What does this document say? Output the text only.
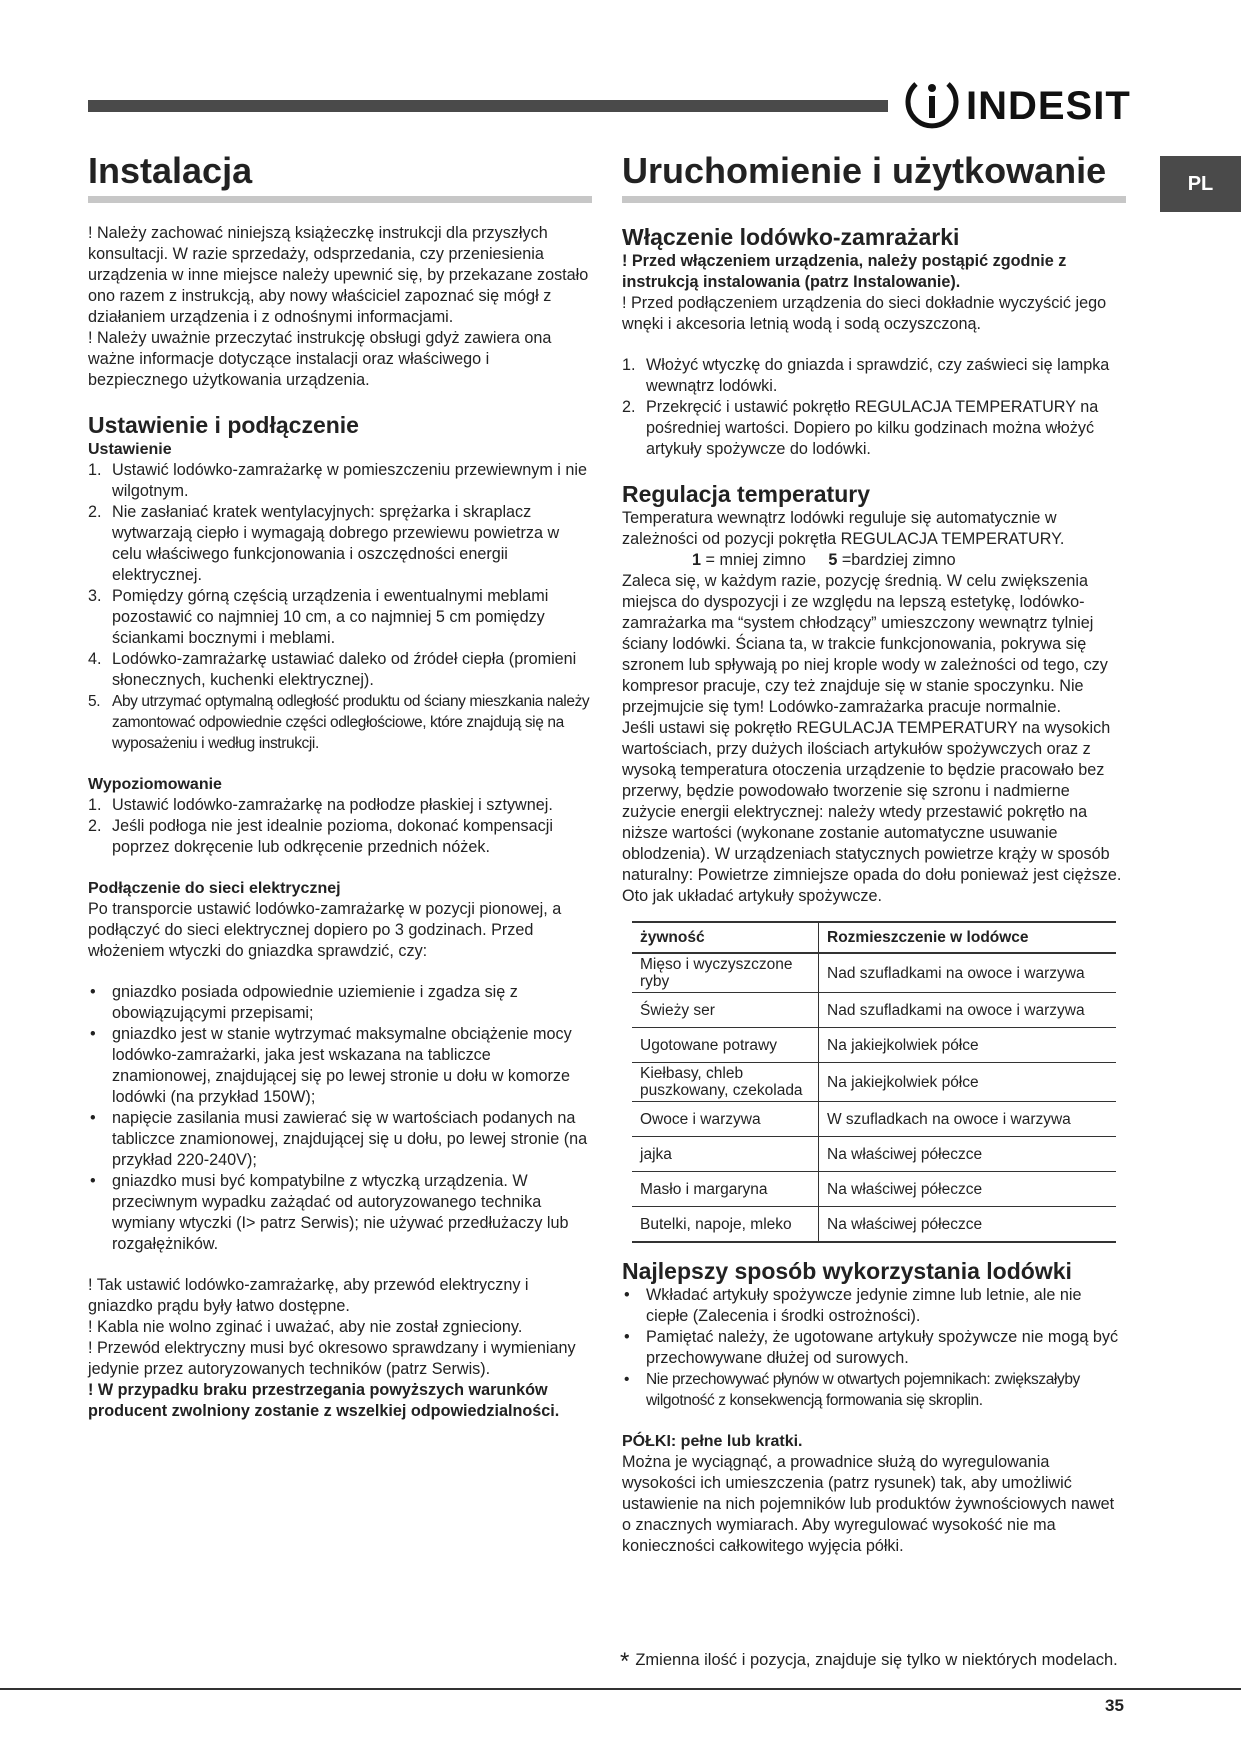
INDESIT
PL
Instalacja

! Należy zachować niniejszą książeczkę instrukcji dla przyszłych konsultacji. W razie sprzedaży, odsprzedania, czy przeniesienia urządzenia w inne miejsce należy upewnić się, by przekazane zostało ono razem z instrukcją, aby nowy właściciel zapoznać się mógł z działaniem urządzenia i z odnośnymi informacjami.

! Należy uważnie przeczytać instrukcję obsługi gdyż zawiera ona ważne informacje dotyczące instalacji oraz właściwego i bezpiecznego użytkowania urządzenia.

Ustawienie i podłączenie
Ustawienie
1. Ustawić lodówko-zamrażarkę w pomieszczeniu przewiewnym i nie wilgotnym.
2. Nie zasłaniać kratek wentylacyjnych: sprężarka i skraplacz wytwarzają ciepło i wymagają dobrego przewiewu powietrza w celu właściwego funkcjonowania i oszczędności energii elektrycznej.
3. Pomiędzy górną częścią urządzenia i ewentualnymi meblami pozostawić co najmniej 10 cm, a co najmniej 5 cm pomiędzy ściankami bocznymi i meblami.
4. Lodówko-zamrażarkę ustawiać daleko od źródeł ciepła (promieni słonecznych, kuchenki elektrycznej).
5. Aby utrzymać optymalną odległość produktu od ściany mieszkania należy zamontować odpowiednie części odległościowe, które znajdują się na wyposażeniu i według instrukcji.
Wypoziomowanie
1. Ustawić lodówko-zamrażarkę na podłodze płaskiej i sztywnej.
2. Jeśli podłoga nie jest idealnie pozioma, dokonać kompensacji poprzez dokręcenie lub odkręcenie przednich nóżek.
Podłączenie do sieci elektrycznej

Po transporcie ustawić lodówko-zamrażarkę w pozycji pionowej, a podłączyć do sieci elektrycznej dopiero po 3 godzinach. Przed włożeniem wtyczki do gniazdka sprawdzić, czy:

• gniazdko posiada odpowiednie uziemienie i zgadza się z obowiązującymi przepisami;
• gniazdko jest w stanie wytrzymać maksymalne obciążenie mocy lodówko-zamrażarki, jaka jest wskazana na tabliczce znamionowej, znajdującej się po lewej stronie u dołu w komorze lodówki (na przykład 150W);
• napięcie zasilania musi zawierać się w wartościach podanych na tabliczce znamionowej, znajdującej się u dołu, po lewej stronie (na przykład 220-240V);
• gniazdko musi być kompatybilne z wtyczką urządzenia. W przeciwnym wypadku zażądać od autoryzowanego technika wymiany wtyczki (I> patrz Serwis); nie używać przedłużaczy lub rozgałężników.

! Tak ustawić lodówko-zamrażarkę, aby przewód elektryczny i gniazdko prądu były łatwo dostępne.

! Kabla nie wolno zginać i uważać, aby nie został zgnieciony.

! Przewód elektryczny musi być okresowo sprawdzany i wymieniany jedynie przez autoryzowanych techników (patrz Serwis).

! W przypadku braku przestrzegania powyższych warunków producent zwolniony zostanie z wszelkiej odpowiedzialności.

Uruchomienie i użytkowanie
Włączenie lodówko-zamrażarki

! Przed włączeniem urządzenia, należy postąpić zgodnie z instrukcją instalowania (patrz Instalowanie).

! Przed podłączeniem urządzenia do sieci dokładnie wyczyścić jego wnęki i akcesoria letnią wodą i sodą oczyszczoną.

1. Włożyć wtyczkę do gniazda i sprawdzić, czy zaświeci się lampka wewnątrz lodówki.
2. Przekręcić i ustawić pokrętło REGULACJA TEMPERATURY na pośredniej wartości. Dopiero po kilku godzinach można włożyć artykuły spożywcze do lodówki.
Regulacja temperatury

Temperatura wewnątrz lodówki reguluje się automatycznie w zależności od pozycji pokrętła REGULACJA TEMPERATURY.

1 = mniej zimno 5 =bardziej zimno

Zaleca się, w każdym razie, pozycję średnią. W celu zwiększenia miejsca do dyspozycji i ze względu na lepszą estetykę, lodówko-zamrażarka ma “system chłodzący” umieszczony wewnątrz tylniej ściany lodówki. Ściana ta, w trakcie funkcjonowania, pokrywa się szronem lub spływają po niej krople wody w zależności od tego, czy kompresor pracuje, czy też znajduje się w stanie spoczynku. Nie przejmujcie się tym! Lodówko-zamrażarka pracuje normalnie.

Jeśli ustawi się pokrętło REGULACJA TEMPERATURY na wysokich wartościach, przy dużych ilościach artykułów spożywczych oraz z wysoką temperatura otoczenia urządzenie to będzie pracowało bez przerwy, będzie powodowało tworzenie się szronu i nadmierne zużycie energii elektrycznej: należy wtedy przestawić pokrętło na niższe wartości (wykonane zostanie automatyczne usuwanie oblodzenia). W urządzeniach statycznych powietrze krąży w sposób naturalny: Powietrze zimniejsze opada do dołu ponieważ jest cięższe. Oto jak układać artykuły spożywcze.

żywność	Rozmieszczenie w lodówce
Mięso i wyczyszczone ryby	Nad szufladkami na owoce i warzywa
Świeży ser	Nad szufladkami na owoce i warzywa
Ugotowane potrawy	Na jakiejkolwiek półce
Kiełbasy, chleb puszkowany, czekolada	Na jakiejkolwiek półce
Owoce i warzywa	W szufladkach na owoce i warzywa
jajka	Na właściwej półeczce
Masło i margaryna	Na właściwej półeczce
Butelki, napoje, mleko	Na właściwej półeczce
Najlepszy sposób wykorzystania lodówki
• Wkładać artykuły spożywcze jedynie zimne lub letnie, ale nie ciepłe (Zalecenia i środki ostrożności).
• Pamiętać należy, że ugotowane artykuły spożywcze nie mogą być przechowywane dłużej od surowych.
• Nie przechowywać płynów w otwartych pojemnikach: zwiększałyby wilgotność z konsekwencją formowania się skroplin.
PÓŁKI: pełne lub kratki.

Można je wyciągnąć, a prowadnice służą do wyregulowania wysokości ich umieszczenia (patrz rysunek) tak, aby umożliwić ustawienie na nich pojemników lub produktów żywnościowych nawet o znacznych wymiarach. Aby wyregulować wysokość nie ma konieczności całkowitego wyjęcia półki.

* Zmienna ilość i pozycja, znajduje się tylko w niektórych modelach.
35
